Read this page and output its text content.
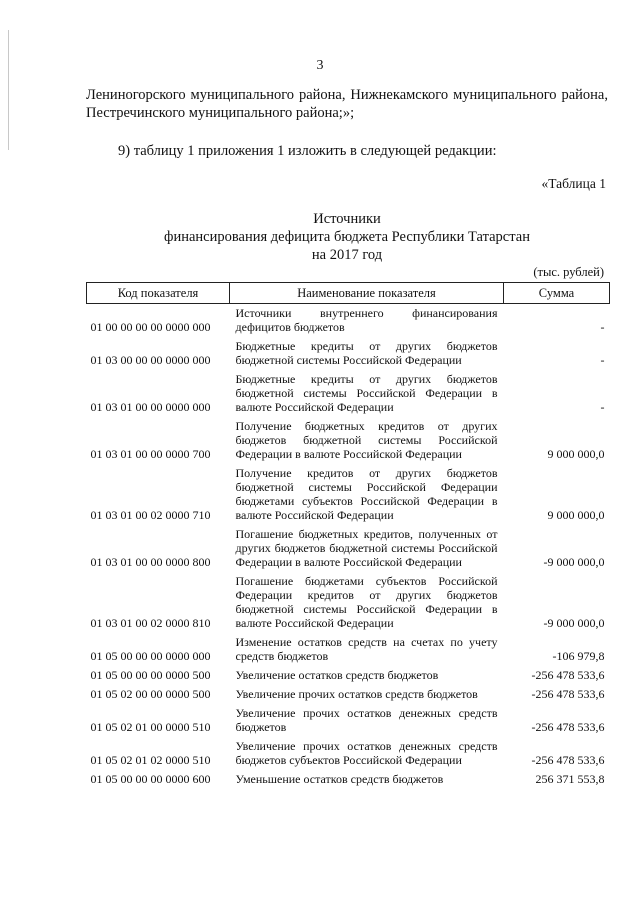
3
Лениногорского муниципального района, Нижнекамского муниципального района, Пестречинского муниципального района;»;
9) таблицу 1 приложения 1 изложить в следующей редакции:
«Таблица 1
Источники
финансирования дефицита бюджета Республики Татарстан
на 2017 год
(тыс. рублей)
Код показателя	Наименование показателя	Сумма
01 00 00 00 00 0000 000	Источники внутреннего финансирования дефицитов бюджетов	-
01 03 00 00 00 0000 000	Бюджетные кредиты от других бюджетов бюджетной системы Российской Федерации	-
01 03 01 00 00 0000 000	Бюджетные кредиты от других бюджетов бюджетной системы Российской Федерации в валюте Российской Федерации	-
01 03 01 00 00 0000 700	Получение бюджетных кредитов от других бюджетов бюджетной системы Российской Федерации в валюте Российской Федерации	9 000 000,0
01 03 01 00 02 0000 710	Получение кредитов от других бюджетов бюджетной системы Российской Федерации бюджетами субъектов Российской Федерации в валюте Российской Федерации	9 000 000,0
01 03 01 00 00 0000 800	Погашение бюджетных кредитов, полученных от других бюджетов бюджетной системы Российской Федерации в валюте Российской Федерации	-9 000 000,0
01 03 01 00 02 0000 810	Погашение бюджетами субъектов Российской Федерации кредитов от других бюджетов бюджетной системы Российской Федерации в валюте Российской Федерации	-9 000 000,0
01 05 00 00 00 0000 000	Изменение остатков средств на счетах по учету средств бюджетов	-106 979,8
01 05 00 00 00 0000 500	Увеличение остатков средств бюджетов	-256 478 533,6
01 05 02 00 00 0000 500	Увеличение прочих остатков средств бюджетов	-256 478 533,6
01 05 02 01 00 0000 510	Увеличение прочих остатков денежных средств бюджетов	-256 478 533,6
01 05 02 01 02 0000 510	Увеличение прочих остатков денежных средств бюджетов субъектов Российской Федерации	-256 478 533,6
01 05 00 00 00 0000 600	Уменьшение остатков средств бюджетов	256 371 553,8
